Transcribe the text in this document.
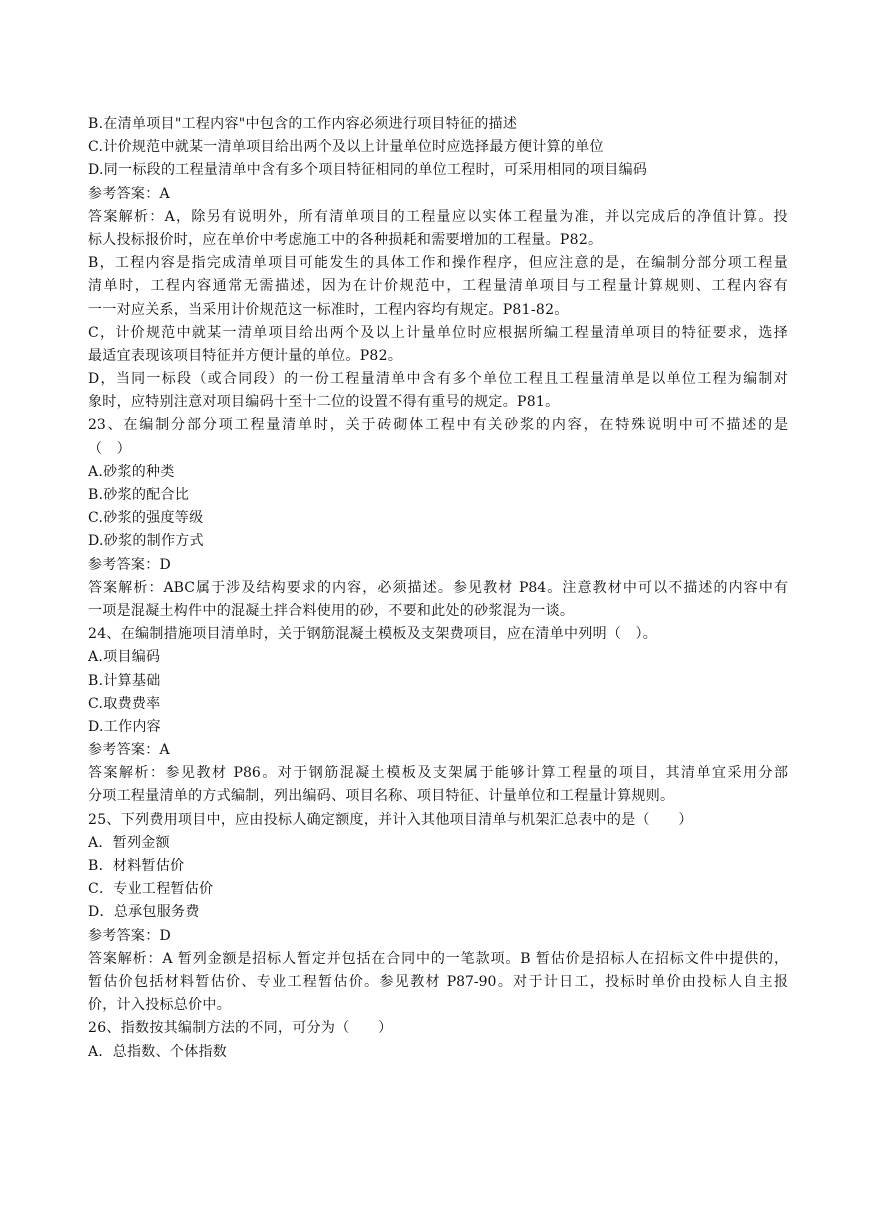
B.在清单项目"工程内容"中包含的工作内容必须进行项目特征的描述
C.计价规范中就某一清单项目给出两个及以上计量单位时应选择最方便计算的单位
D.同一标段的工程量清单中含有多个项目特征相同的单位工程时，可采用相同的项目编码
参考答案：A
答案解析：A，除另有说明外，所有清单项目的工程量应以实体工程量为准，并以完成后的净值计算。投
标人投标报价时，应在单价中考虑施工中的各种损耗和需要增加的工程量。P82。
B，工程内容是指完成清单项目可能发生的具体工作和操作程序，但应注意的是，在编制分部分项工程量
清单时，工程内容通常无需描述，因为在计价规范中，工程量清单项目与工程量计算规则、工程内容有
一一对应关系，当采用计价规范这一标准时，工程内容均有规定。P81-82。
C，计价规范中就某一清单项目给出两个及以上计量单位时应根据所编工程量清单项目的特征要求，选择
最适宜表现该项目特征并方便计量的单位。P82。
D，当同一标段（或合同段）的一份工程量清单中含有多个单位工程且工程量清单是以单位工程为编制对
象时，应特别注意对项目编码十至十二位的设置不得有重号的规定。P81。
23、在编制分部分项工程量清单时，关于砖砌体工程中有关砂浆的内容，在特殊说明中可不描述的是
（　）
A.砂浆的种类
B.砂浆的配合比
C.砂浆的强度等级
D.砂浆的制作方式
参考答案：D
答案解析：ABC属于涉及结构要求的内容，必须描述。参见教材 P84。注意教材中可以不描述的内容中有
一项是混凝土构件中的混凝土拌合料使用的砂，不要和此处的砂浆混为一谈。
24、在编制措施项目清单时，关于钢筋混凝土模板及支架费项目，应在清单中列明（　）。
A.项目编码
B.计算基础
C.取费费率
D.工作内容
参考答案：A
答案解析：参见教材 P86。对于钢筋混凝土模板及支架属于能够计算工程量的项目，其清单宜采用分部
分项工程量清单的方式编制，列出编码、项目名称、项目特征、计量单位和工程量计算规则。
25、下列费用项目中，应由投标人确定额度，并计入其他项目清单与机架汇总表中的是（　　）
A．暂列金额
B．材料暂估价
C．专业工程暂估价
D．总承包服务费
参考答案：D
答案解析：A 暂列金额是招标人暂定并包括在合同中的一笔款项。B 暂估价是招标人在招标文件中提供的，
暂估价包括材料暂估价、专业工程暂估价。参见教材 P87-90。对于计日工，投标时单价由投标人自主报
价，计入投标总价中。
26、指数按其编制方法的不同，可分为（　　）
A．总指数、个体指数
